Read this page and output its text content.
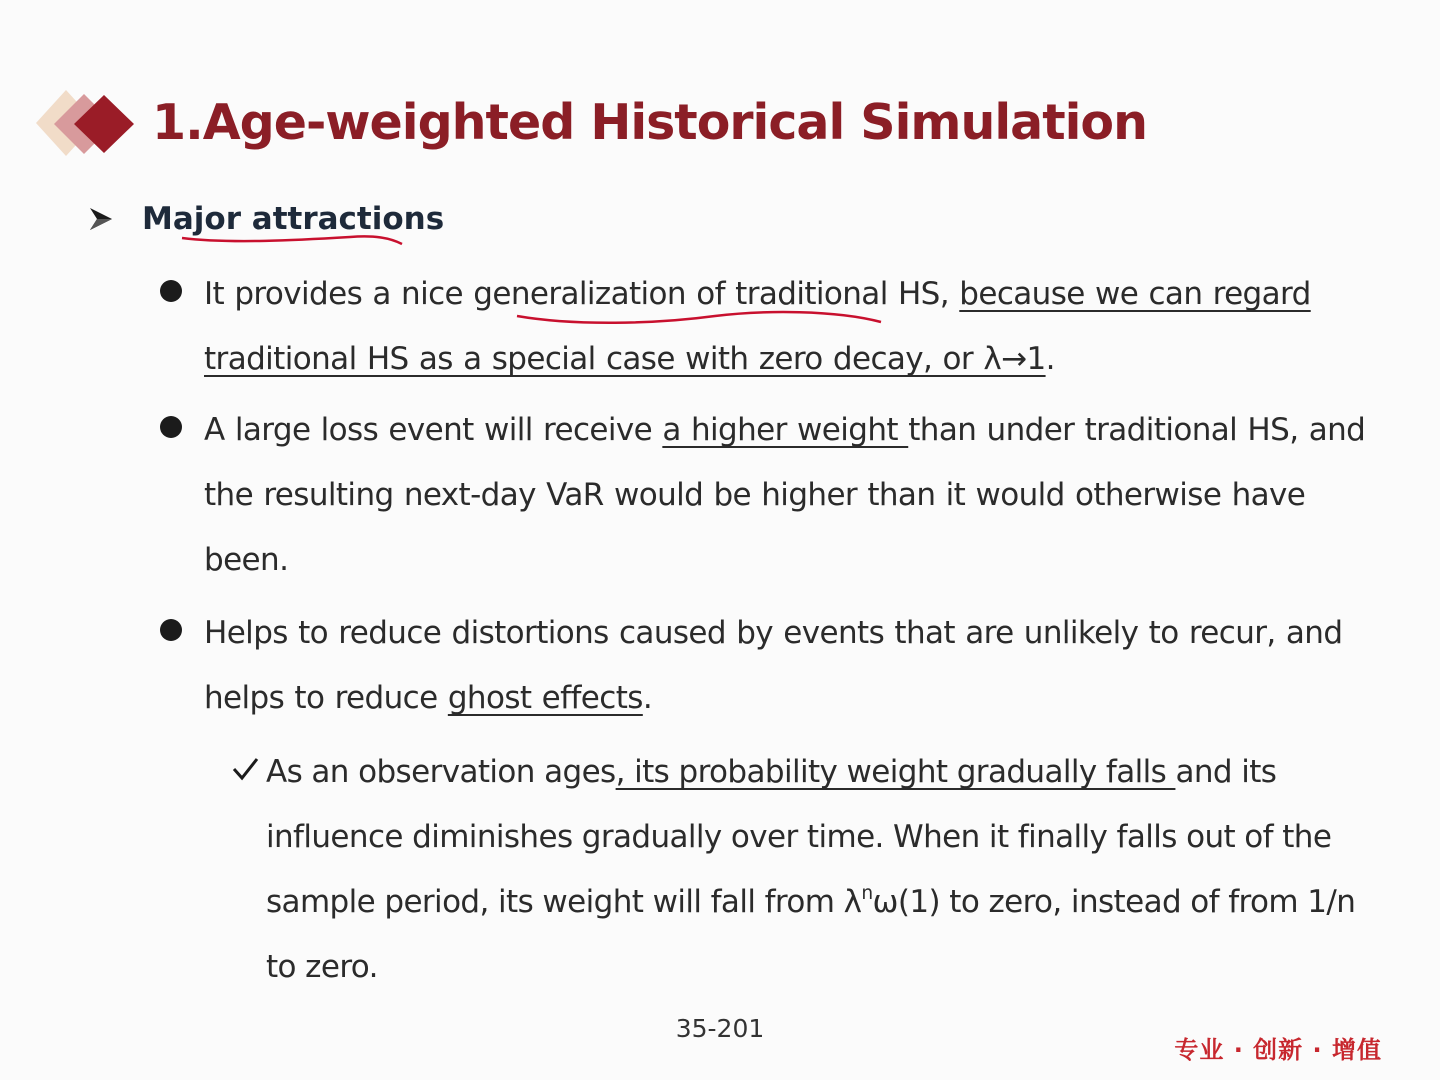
1.Age-weighted Historical Simulation
Major attractions

It provides a nice generalization of traditional HS, because we can regard traditional HS as a special case with zero decay, or λ→1.

A large loss event will receive a higher weight than under traditional HS, and the resulting next-day VaR would be higher than it would otherwise have been.

Helps to reduce distortions caused by events that are unlikely to recur, and helps to reduce ghost effects.

As an observation ages, its probability weight gradually falls and its influence diminishes gradually over time. When it finally falls out of the sample period, its weight will fall from $\lambda^n\omega(1)$ to zero, instead of from 1/n to zero.

35-201
专业 · 创新 · 增值
